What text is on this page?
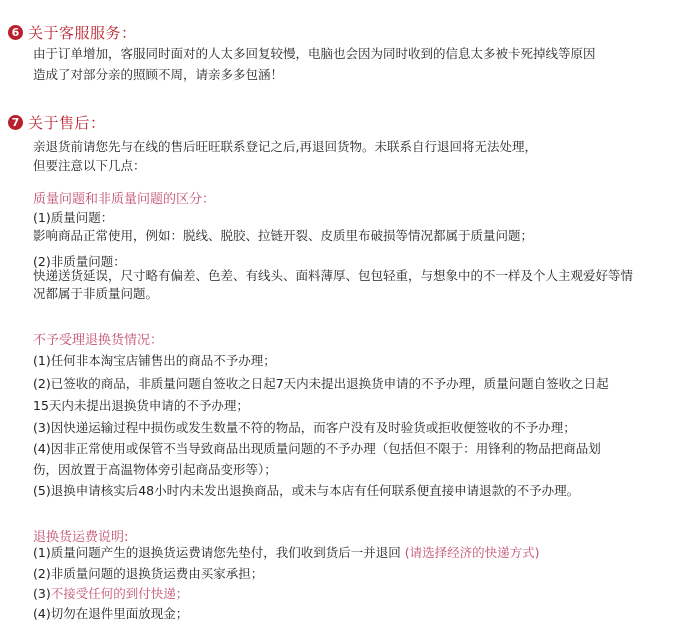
6 关于客服服务：
由于订单增加，客服同时面对的人太多回复较慢，电脑也会因为同时收到的信息太多被卡死掉线等原因
造成了对部分亲的照顾不周，请亲多多包涵！
7 关于售后：
亲退货前请您先与在线的售后旺旺联系登记之后,再退回货物。未联系自行退回将无法处理，
但要注意以下几点：
质量问题和非质量问题的区分：
(1)质量问题：
影响商品正常使用，例如：脱线、脱胶、拉链开裂、皮质里布破损等情况都属于质量问题；
(2)非质量问题：
快递送货延误，尺寸略有偏差、色差、有线头、面料薄厚、包包轻重，与想象中的不一样及个人主观爱好等情
况都属于非质量问题。
不予受理退换货情况：
(1)任何非本淘宝店铺售出的商品不予办理；
(2)已签收的商品，非质量问题自签收之日起7天内未提出退换货申请的不予办理，质量问题自签收之日起
15天内未提出退换货申请的不予办理；
(3)因快递运输过程中损伤或发生数量不符的物品，而客户没有及时验货或拒收便签收的不予办理；
(4)因非正常使用或保管不当导致商品出现质量问题的不予办理（包括但不限于：用锋利的物品把商品划
伤，因放置于高温物体旁引起商品变形等）；
(5)退换申请核实后48小时内未发出退换商品，或未与本店有任何联系便直接申请退款的不予办理。
退换货运费说明:
(1)质量问题产生的退换货运费请您先垫付，我们收到货后一并退回 (请选择经济的快递方式)
(2)非质量问题的退换货运费由买家承担；
(3)不接受任何的到付快递；
(4)切勿在退件里面放现金；
